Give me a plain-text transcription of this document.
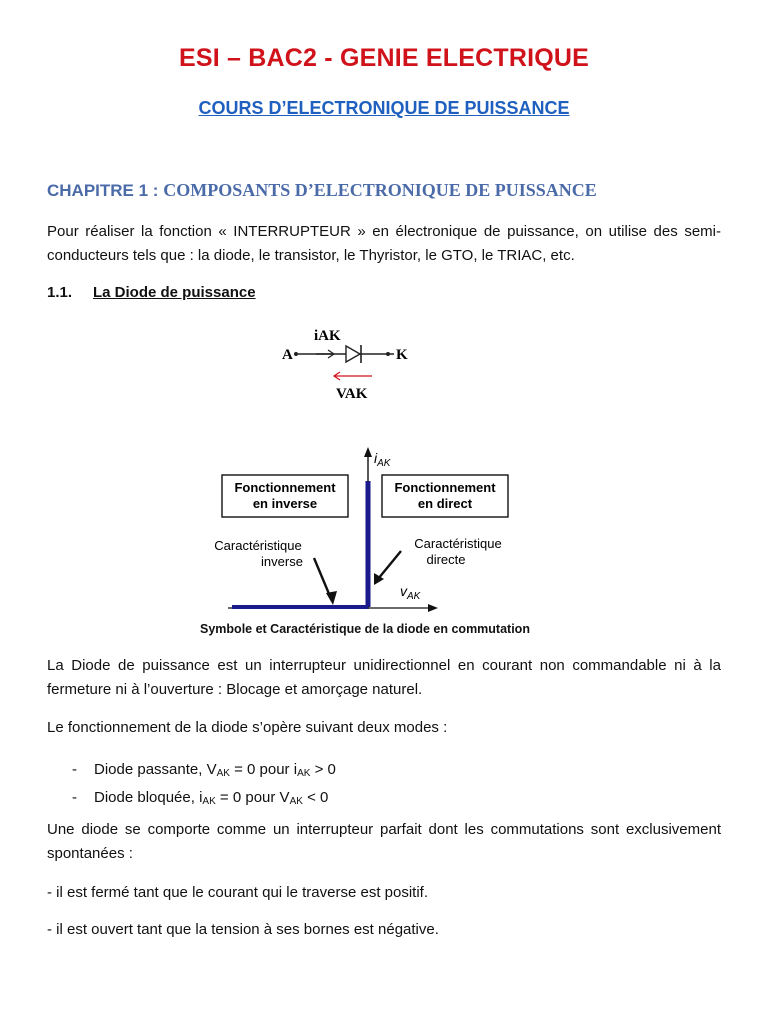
ESI – BAC2 - GENIE ELECTRIQUE
COURS D’ELECTRONIQUE DE PUISSANCE
CHAPITRE 1 : COMPOSANTS D’ELECTRONIQUE DE PUISSANCE

Pour réaliser la fonction « INTERRUPTEUR » en électronique de puissance, on utilise des semi-conducteurs tels que : la diode, le transistor, le Thyristor, le GTO, le TRIAC, etc.

1.1. La Diode de puissance
iAK
A	K
VAK
$i_{AK}$
$v_{AK}$
Fonctionnement
en inverse
Fonctionnement
en direct
Caractéristique
inverse
Caractéristique
directe
Symbole et Caractéristique de la diode en commutation

La Diode de puissance est un interrupteur unidirectionnel en courant non commandable ni à la fermeture ni à l’ouverture : Blocage et amorçage naturel.

Le fonctionnement de la diode s’opère suivant deux modes :

- Diode passante, $V_{AK} = 0$ pour $i_{AK} > 0$
- Diode bloquée, $i_{AK} = 0$ pour $V_{AK} < 0$

Une diode se comporte comme un interrupteur parfait dont les commutations sont exclusivement spontanées :

- il est fermé tant que le courant qui le traverse est positif.

- il est ouvert tant que la tension à ses bornes est négative.
